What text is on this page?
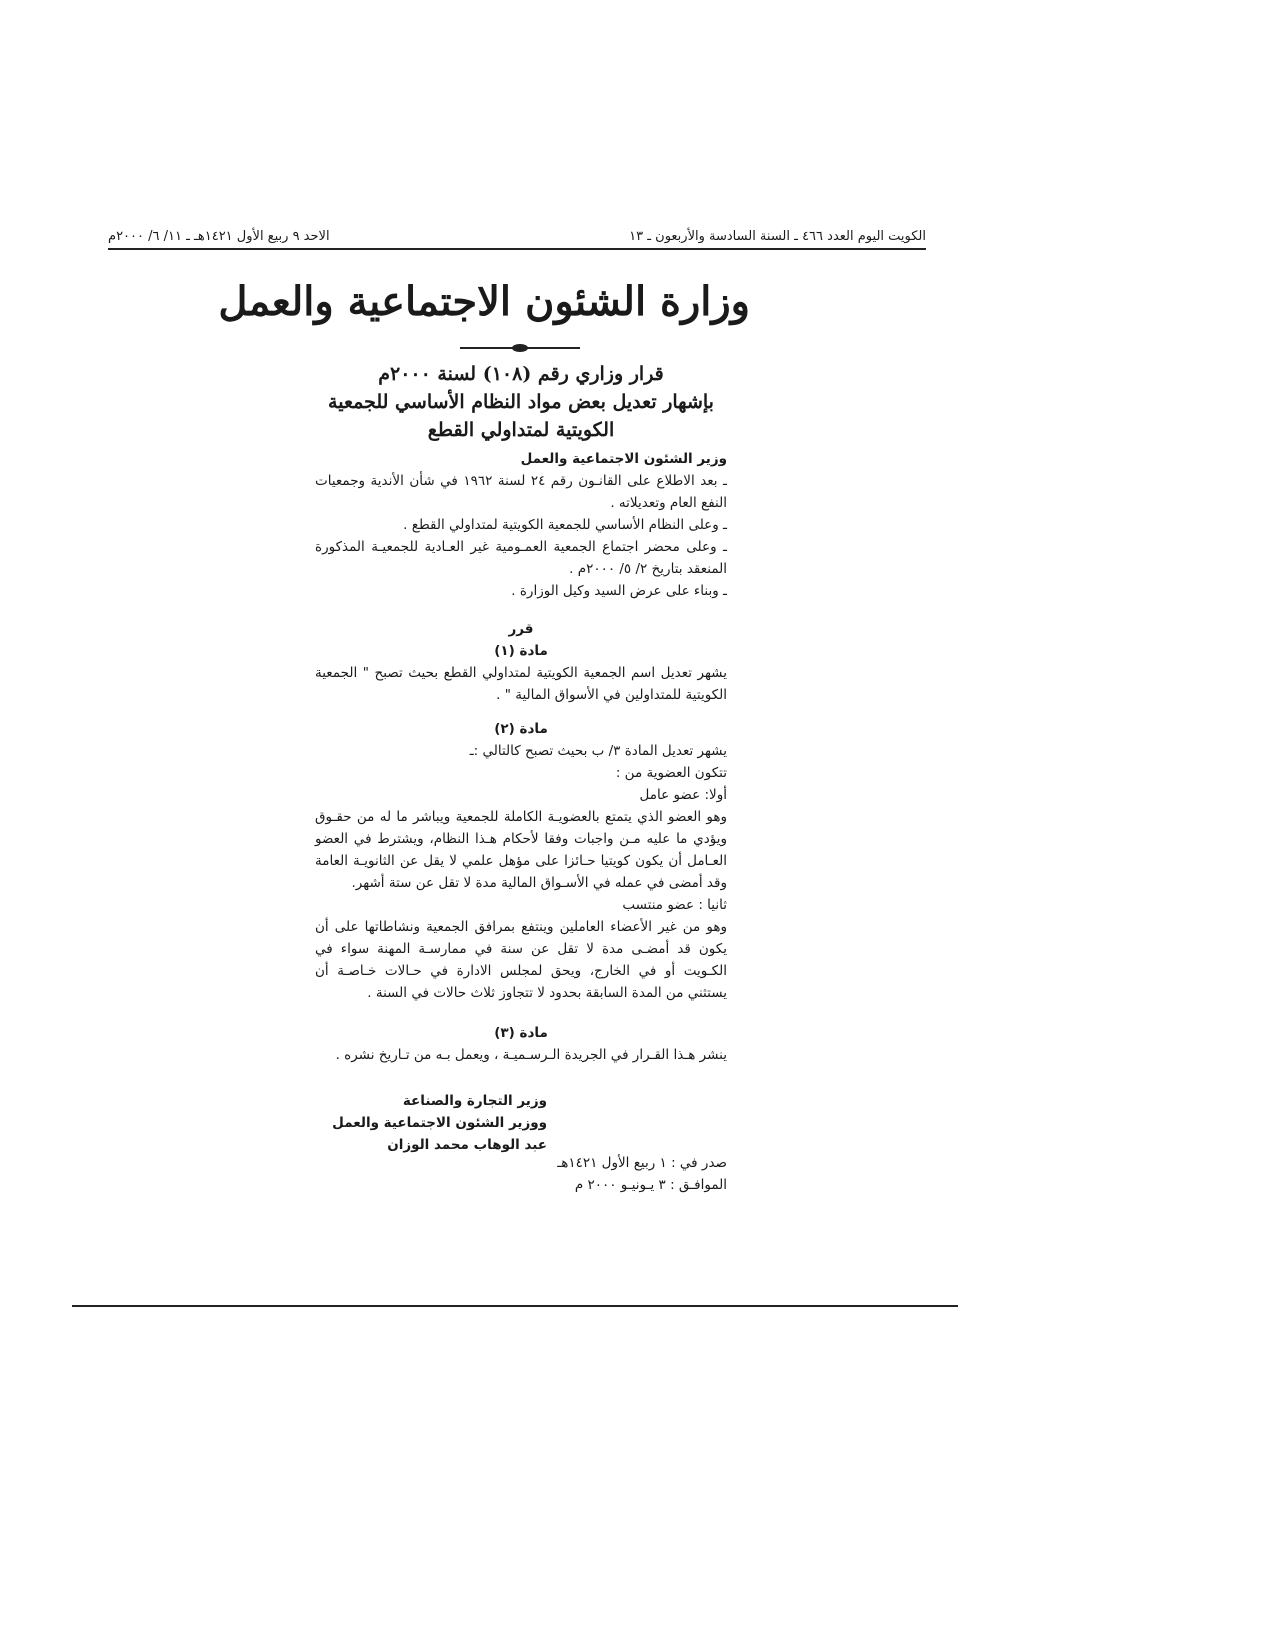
الكويت اليوم العدد ٤٦٦ ـ السنة السادسة والأربعون ـ ١٣
الاحد ٩ ربيع الأول ١٤٢١هـ ـ ١١/ ٦/ ٢٠٠٠م
وزارة الشئون الاجتماعية والعمل
قرار وزاري رقم (١٠٨) لسنة ٢٠٠٠م
بإشهار تعديل بعض مواد النظام الأساسي للجمعية
الكويتية لمتداولي القطع
وزير الشئون الاجتماعية والعمل
ـ بعد الاطلاع على القانـون رقم ٢٤ لسنة ١٩٦٢ في شأن الأندية وجمعيات النفع العام وتعديلاته .
ـ وعلى النظام الأساسي للجمعية الكويتية لمتداولي القطع .
ـ وعلى محضر اجتماع الجمعية العمـومية غير العـادية للجمعيـة المذكورة المنعقد بتاريخ ٢/ ٥/ ٢٠٠٠م .
ـ وبناء على عرض السيد وكيل الوزارة .
قرر
مادة (١)
يشهر تعديل اسم الجمعية الكويتية لمتداولي القطع بحيث تصبح " الجمعية الكويتية للمتداولين في الأسواق المالية " .
مادة (٢)
يشهر تعديل المادة ٣/ ب بحيث تصبح كالتالي :ـ
تتكون العضوية من :
أولا: عضو عامل
وهو العضو الذي يتمتع بالعضويـة الكاملة للجمعية ويباشر ما له من حقـوق ويؤدي ما عليه مـن واجبات وفقا لأحكام هـذا النظام، ويشترط في العضو العـامل أن يكون كويتيا حـائزا على مؤهل علمي لا يقل عن الثانويـة العامة وقد أمضى في عمله في الأسـواق المالية مدة لا تقل عن ستة أشهر.
ثانيا : عضو منتسب
وهو من غير الأعضاء العاملين وينتفع بمرافق الجمعية ونشاطاتها على أن يكون قد أمضـى مدة لا تقل عن سنة في ممارسـة المهنة سواء في الكـويت أو في الخارج، ويحق لمجلس الادارة في حـالات خـاصـة أن يستثني من المدة السابقة بحدود لا تتجاوز ثلاث حالات في السنة .
مادة (٣)
ينشر هـذا القـرار في الجريدة الـرسـميـة ، ويعمل بـه من تـاريخ نشره .
وزير التجارة والصناعة
ووزير الشئون الاجتماعية والعمل
عبد الوهاب محمد الوزان
صدر في : ١ ربيع الأول ١٤٢١هـ
الموافـق : ٣ يـونيـو ٢٠٠٠ م
